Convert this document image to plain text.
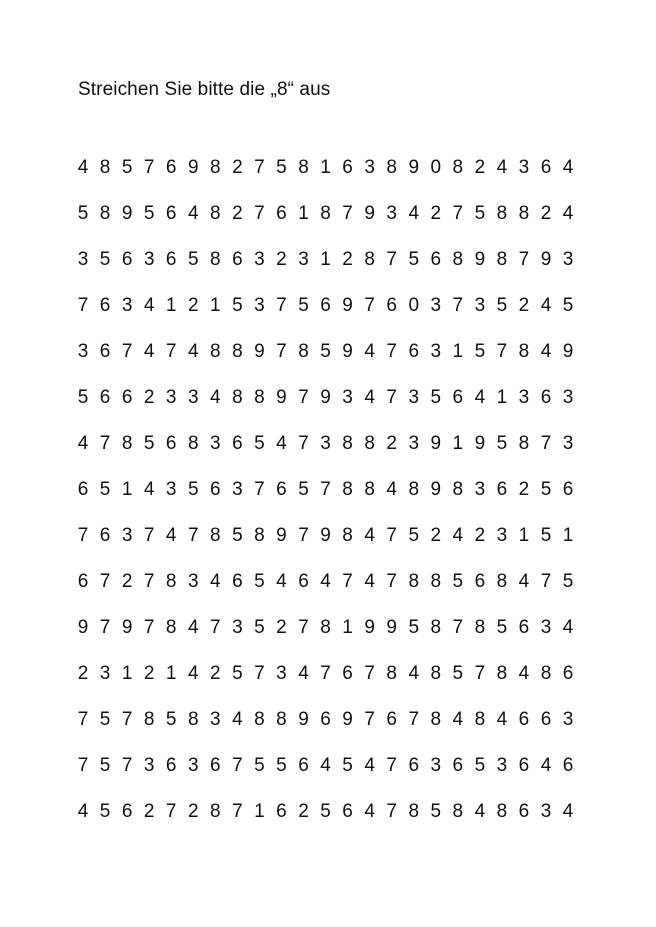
Streichen Sie bitte die „8“ aus
4 8 5 7 6 9 8 2 7 5 8 1 6 3 8 9 0 8 2 4 3 6 4
5 8 9 5 6 4 8 2 7 6 1 8 7 9 3 4 2 7 5 8 8 2 4
3 5 6 3 6 5 8 6 3 2 3 1 2 8 7 5 6 8 9 8 7 9 3
7 6 3 4 1 2 1 5 3 7 5 6 9 7 6 0 3 7 3 5 2 4 5
3 6 7 4 7 4 8 8 9 7 8 5 9 4 7 6 3 1 5 7 8 4 9
5 6 6 2 3 3 4 8 8 9 7 9 3 4 7 3 5 6 4 1 3 6 3
4 7 8 5 6 8 3 6 5 4 7 3 8 8 2 3 9 1 9 5 8 7 3
6 5 1 4 3 5 6 3 7 6 5 7 8 8 4 8 9 8 3 6 2 5 6
7 6 3 7 4 7 8 5 8 9 7 9 8 4 7 5 2 4 2 3 1 5 1
6 7 2 7 8 3 4 6 5 4 6 4 7 4 7 8 8 5 6 8 4 7 5
9 7 9 7 8 4 7 3 5 2 7 8 1 9 9 5 8 7 8 5 6 3 4
2 3 1 2 1 4 2 5 7 3 4 7 6 7 8 4 8 5 7 8 4 8 6
7 5 7 8 5 8 3 4 8 8 9 6 9 7 6 7 8 4 8 4 6 6 3
7 5 7 3 6 3 6 7 5 5 6 4 5 4 7 6 3 6 5 3 6 4 6
4 5 6 2 7 2 8 7 1 6 2 5 6 4 7 8 5 8 4 8 6 3 4
